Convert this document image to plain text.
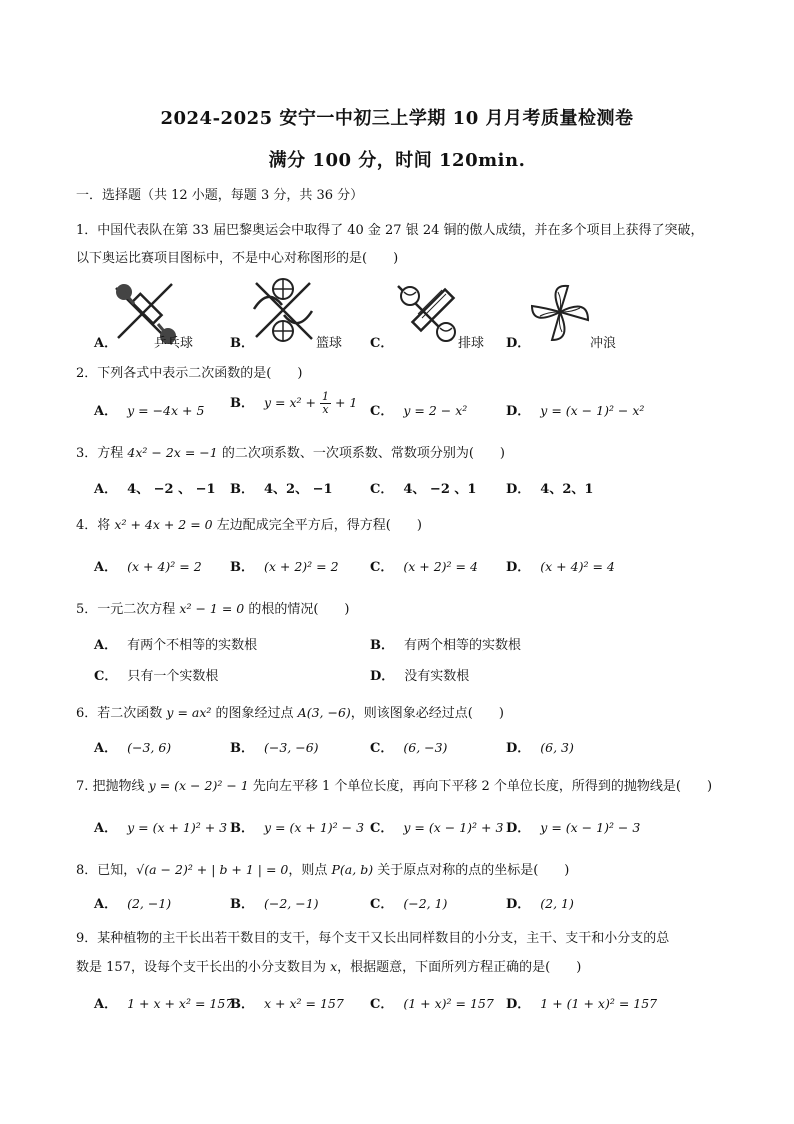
2024-2025 安宁一中初三上学期 10 月月考质量检测卷
满分 100 分，时间 120min.
一．选择题（共 12 小题，每题 3 分，共 36 分）
1．中国代表队在第 33 届巴黎奥运会中取得了 40 金 27 银 24 铜的傲人成绩，并在多个项目上获得了突破，
以下奥运比赛项目图标中，不是中心对称图形的是(　　)
A．	乒乓球	B．	篮球 C．	排球 D．	冲浪
2．下列各式中表示二次函数的是(　　)
A． y = −4x + 5 B． $y = x^2 + \frac{1}{x} + 1$
C． y = 2 − x²	D． y = (x − 1)² − x²
3．方程 4x² − 2x = −1 的二次项系数、一次项系数、常数项分别为(　　)
A． 4、 −2 、 −1 B． 4、2、 −1	C． 4、 −2 、1 D． 4、2、1
4．将 x² + 4x + 2 = 0 左边配成完全平方后，得方程(　　)
A． (x + 4)² = 2 B． (x + 2)² = 2 C． (x + 2)² = 4 D． (x + 4)² = 4
5．一元二次方程 x² − 1 = 0 的根的情况(　　)
A． 有两个不相等的实数根	B． 有两个相等的实数根
C． 只有一个实数根	D． 没有实数根
6．若二次函数 y = ax² 的图象经过点 A(3, −6)，则该图象必经过点(　　)
A． (−3, 6)	B． (−3, −6)	C． (6, −3)	D． (6, 3)
7. 把抛物线 y = (x − 2)² − 1 先向左平移 1 个单位长度，再向下平移 2 个单位长度，所得到的抛物线是(　　)
A． y = (x + 1)² + 3 B． y = (x + 1)² − 3 C． y = (x − 1)² + 3 D． y = (x − 1)² − 3
8．已知，√(a − 2)² + | b + 1 | = 0，则点 P(a, b) 关于原点对称的点的坐标是(　　)
A． (2, −1)	B． (−2, −1)	C． (−2, 1)	D． (2, 1)
9．某种植物的主干长出若干数目的支干，每个支干又长出同样数目的小分支，主干、支干和小分支的总
数是 157，设每个支干长出的小分支数目为 x，根据题意，下面所列方程正确的是(　　)
A． 1 + x + x² = 157
B． x + x² = 157 C． (1 + x)² = 157 D． 1 + (1 + x)² = 157
